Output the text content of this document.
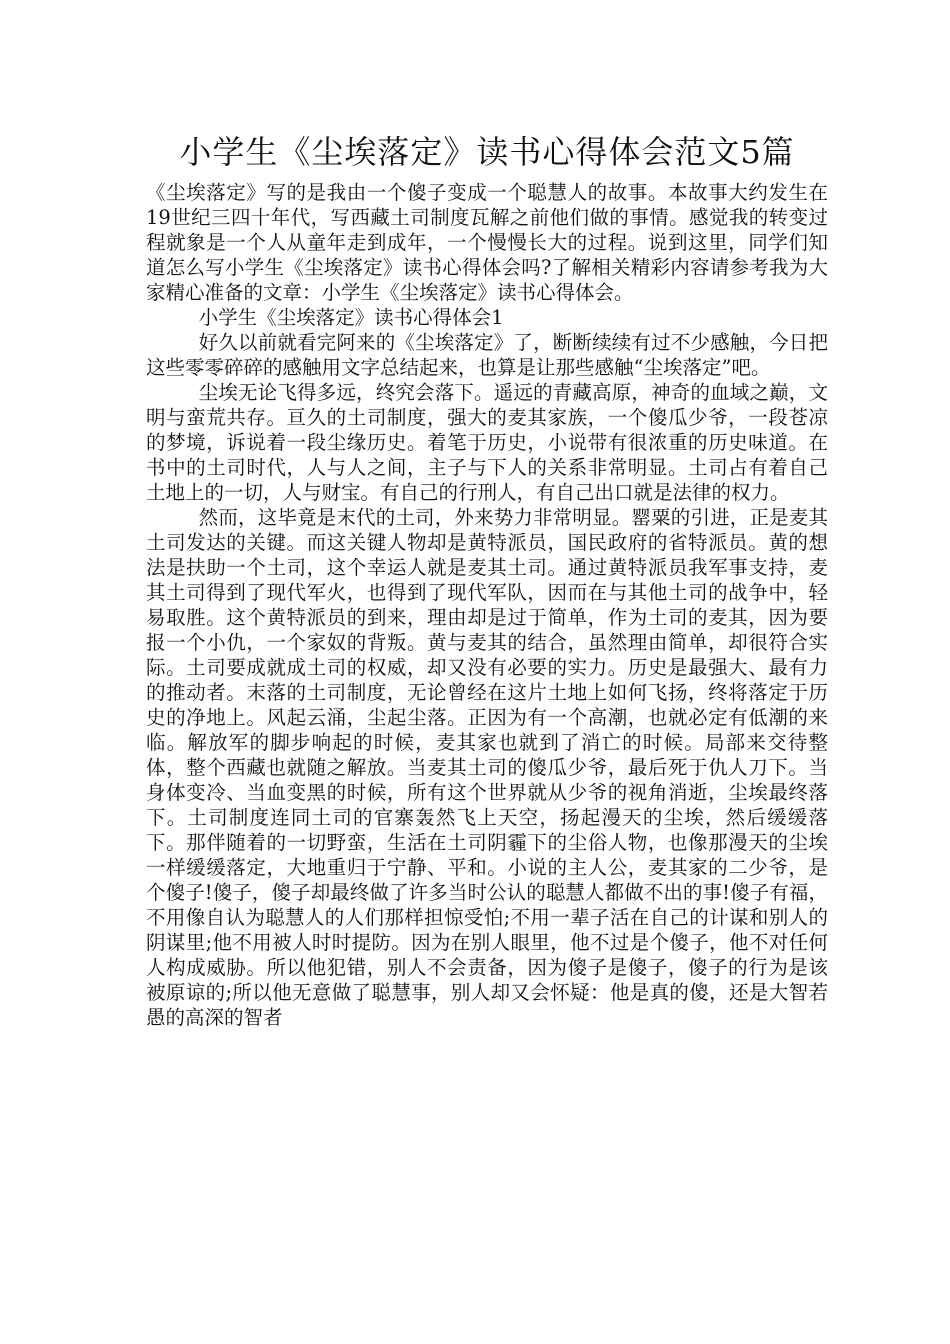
小学生《尘埃落定》读书心得体会范文5篇

《尘埃落定》写的是我由一个傻子变成一个聪慧人的故事。本故事大约发生在19世纪三四十年代，写西藏土司制度瓦解之前他们做的事情。感觉我的转变过程就象是一个人从童年走到成年，一个慢慢长大的过程。说到这里，同学们知道怎么写小学生《尘埃落定》读书心得体会吗?了解相关精彩内容请参考我为大家精心准备的文章：小学生《尘埃落定》读书心得体会。

小学生《尘埃落定》读书心得体会1

好久以前就看完阿来的《尘埃落定》了，断断续续有过不少感触，今日把这些零零碎碎的感触用文字总结起来，也算是让那些感触“尘埃落定”吧。

尘埃无论飞得多远，终究会落下。遥远的青藏高原，神奇的血域之巅，文明与蛮荒共存。亘久的土司制度，强大的麦其家族，一个傻瓜少爷，一段苍凉的梦境，诉说着一段尘缘历史。着笔于历史，小说带有很浓重的历史味道。在书中的土司时代，人与人之间，主子与下人的关系非常明显。土司占有着自己土地上的一切，人与财宝。有自己的行刑人，有自己出口就是法律的权力。

然而，这毕竟是末代的土司，外来势力非常明显。罂粟的引进，正是麦其土司发达的关键。而这关键人物却是黄特派员，国民政府的省特派员。黄的想法是扶助一个土司，这个幸运人就是麦其土司。通过黄特派员我军事支持，麦其土司得到了现代军火，也得到了现代军队，因而在与其他土司的战争中，轻易取胜。这个黄特派员的到来，理由却是过于简单，作为土司的麦其，因为要报一个小仇，一个家奴的背叛。黄与麦其的结合，虽然理由简单，却很符合实际。土司要成就成土司的权威，却又没有必要的实力。历史是最强大、最有力的推动者。末落的土司制度，无论曾经在这片土地上如何飞扬，终将落定于历史的净地上。风起云涌，尘起尘落。正因为有一个高潮，也就必定有低潮的来临。解放军的脚步响起的时候，麦其家也就到了消亡的时候。局部来交待整体，整个西藏也就随之解放。当麦其土司的傻瓜少爷，最后死于仇人刀下。当身体变冷、当血变黑的时候，所有这个世界就从少爷的视角消逝，尘埃最终落下。土司制度连同土司的官寨轰然飞上天空，扬起漫天的尘埃，然后缓缓落下。那伴随着的一切野蛮，生活在土司阴霾下的尘俗人物，也像那漫天的尘埃一样缓缓落定，大地重归于宁静、平和。小说的主人公，麦其家的二少爷，是个傻子!傻子，傻子却最终做了许多当时公认的聪慧人都做不出的事!傻子有福，不用像自认为聪慧人的人们那样担惊受怕;不用一辈子活在自己的计谋和别人的阴谋里;他不用被人时时提防。因为在别人眼里，他不过是个傻子，他不对任何人构成威胁。所以他犯错，别人不会责备，因为傻子是傻子，傻子的行为是该被原谅的;所以他无意做了聪慧事，别人却又会怀疑：他是真的傻，还是大智若愚的高深的智者
